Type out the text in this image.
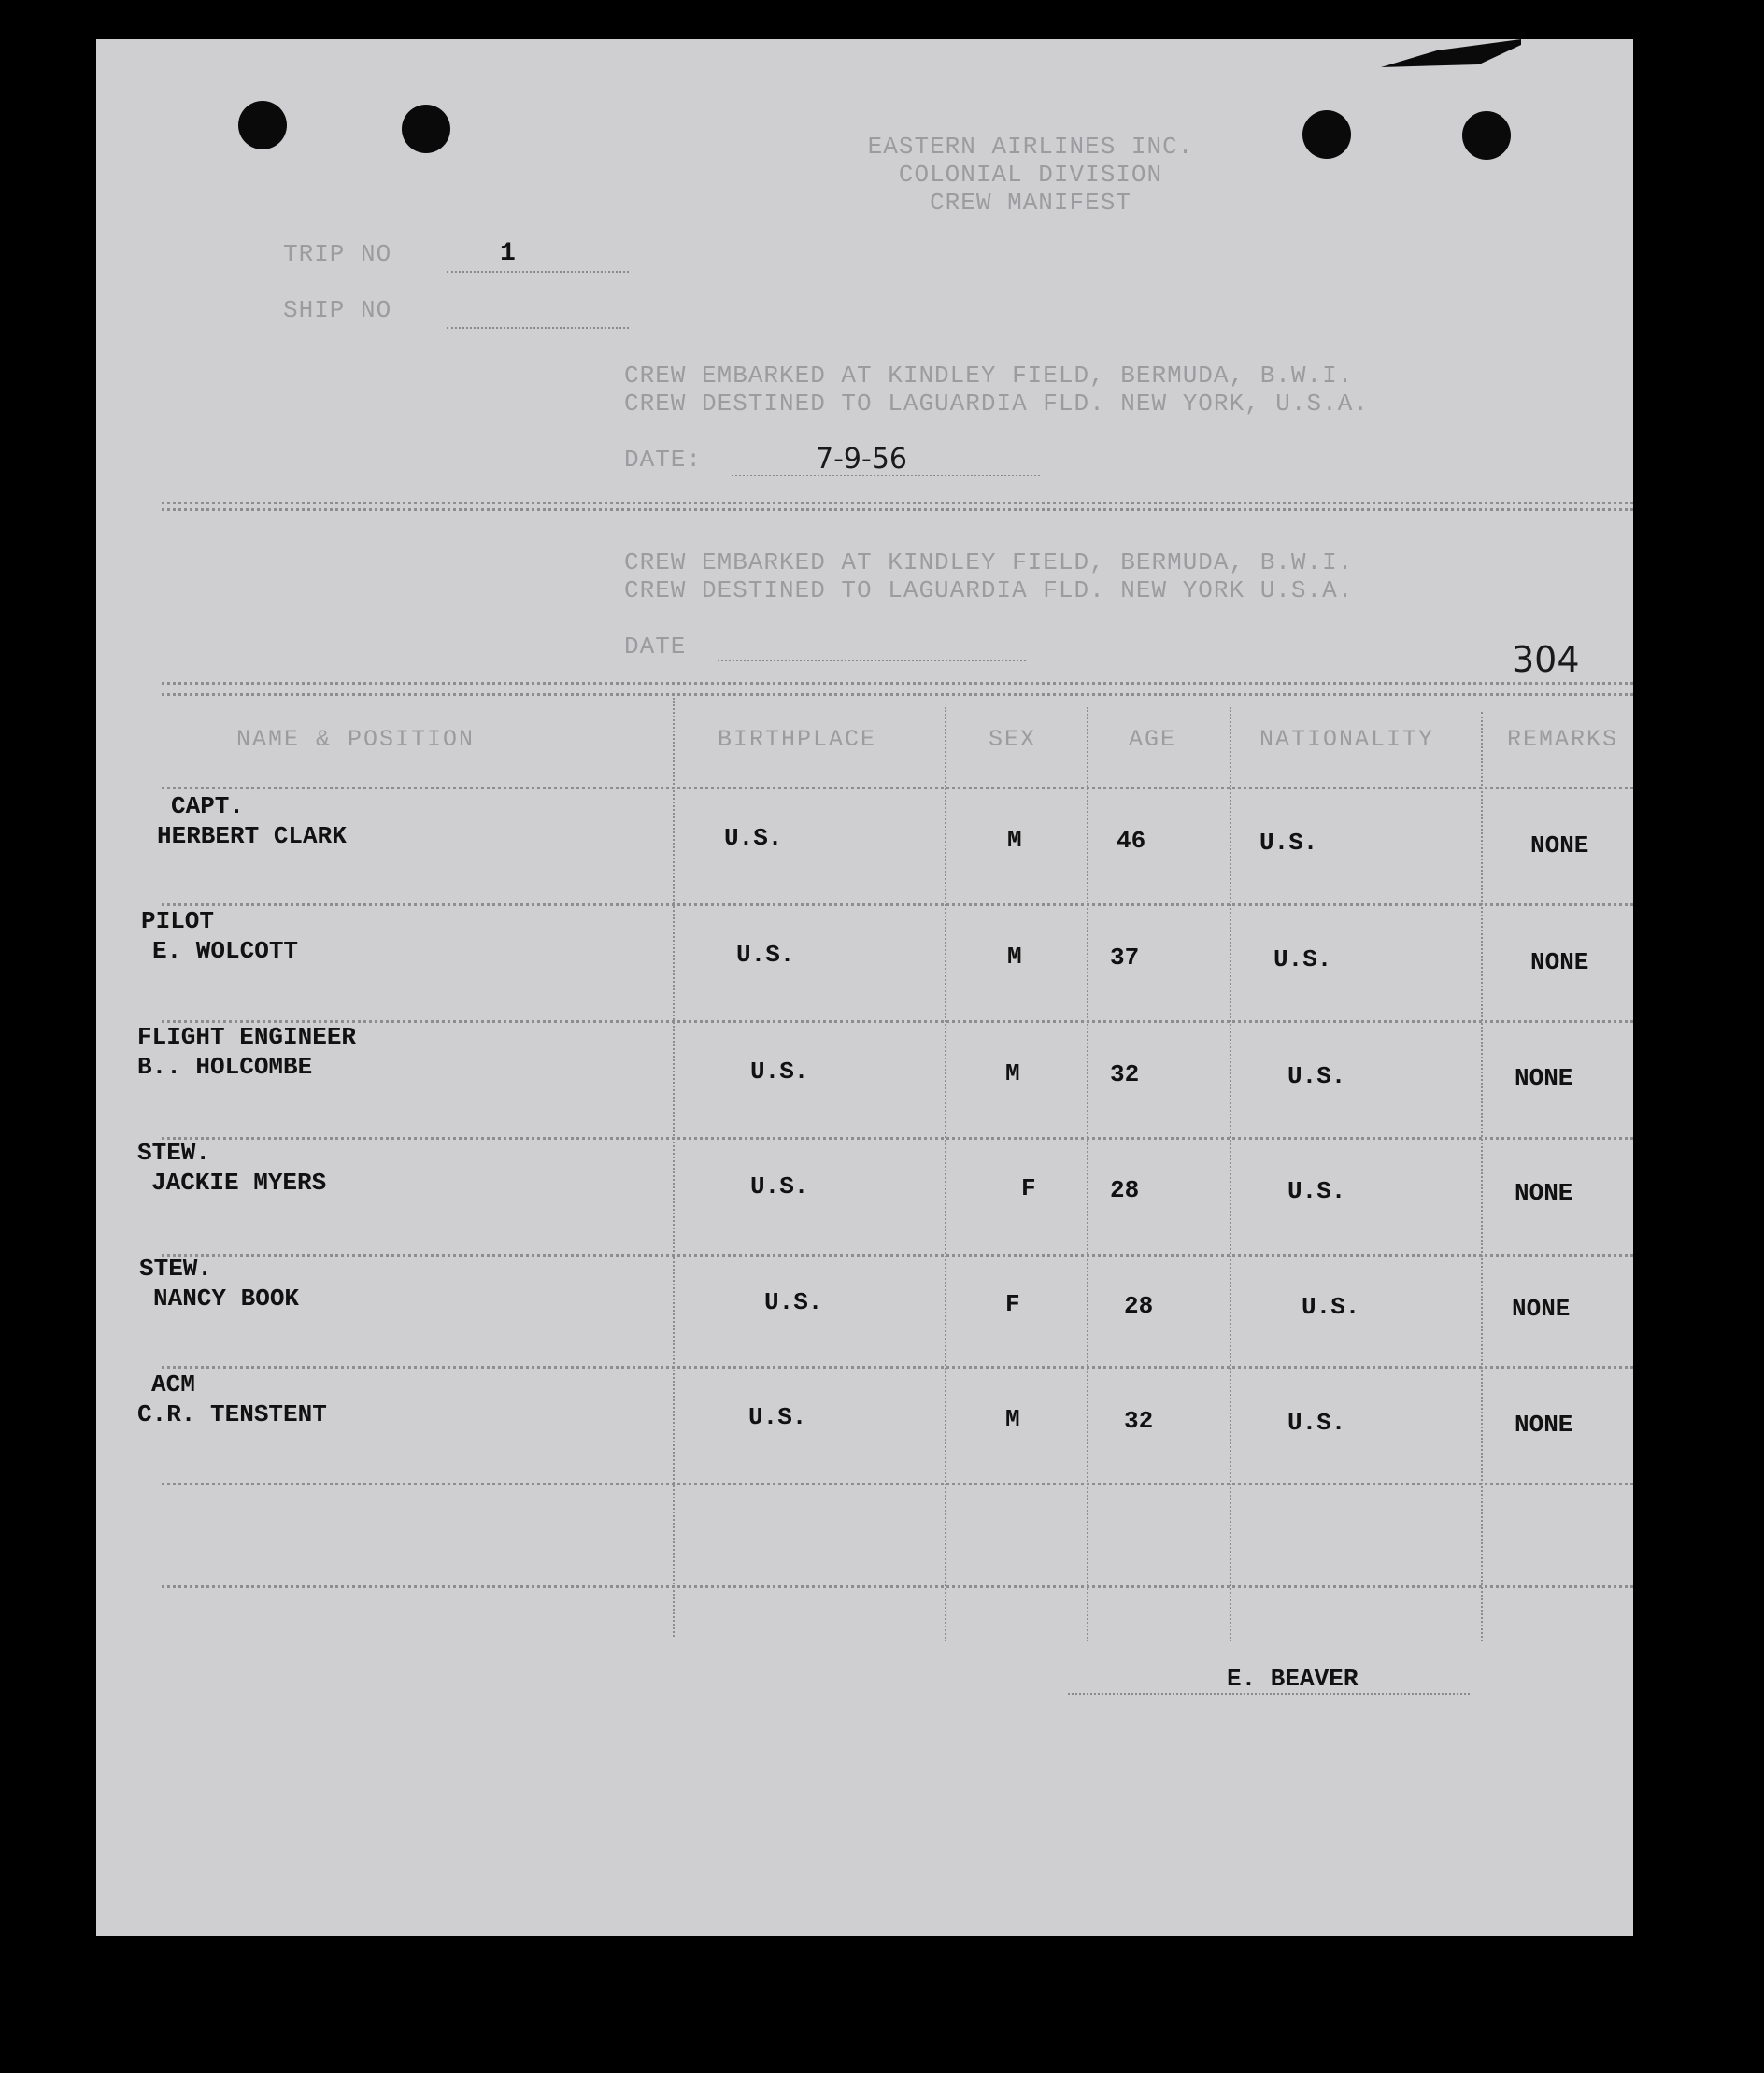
EASTERN AIRLINES INC.
COLONIAL DIVISION
CREW MANIFEST
TRIP NO	1
SHIP NO
CREW EMBARKED AT KINDLEY FIELD, BERMUDA, B.W.I.
CREW DESTINED TO LAGUARDIA FLD. NEW YORK, U.S.A.
DATE:	7-9-56
CREW EMBARKED AT KINDLEY FIELD, BERMUDA, B.W.I.
CREW DESTINED TO LAGUARDIA FLD. NEW YORK U.S.A.
DATE	304
NAME & POSITION	BIRTHPLACE	SEX	AGE	NATIONALITY	REMARKS
CAPT.
HERBERT CLARK	U.S.	M	46	U.S.	NONE
PILOT
E. WOLCOTT	U.S.	M	37	U.S.	NONE
FLIGHT ENGINEER
B.. HOLCOMBE	U.S.	M	32	U.S.	NONE
STEW.
JACKIE MYERS	U.S.	F	28	U.S.	NONE
STEW.
NANCY BOOK	U.S.	F	28	U.S.	NONE
ACM
C.R. TENSTENT	U.S.	M	32	U.S.	NONE
E. BEAVER
